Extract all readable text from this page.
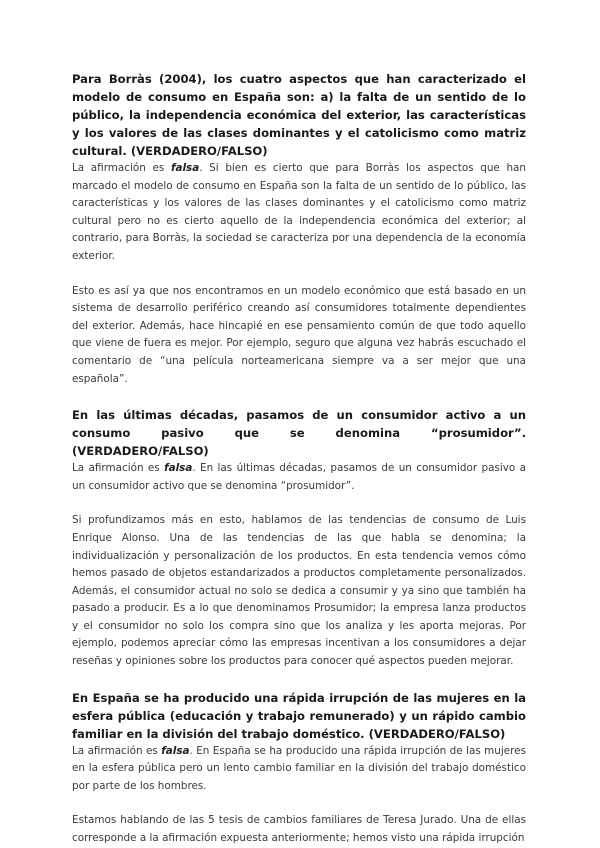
Para Borràs (2004), los cuatro aspectos que han caracterizado el modelo de consumo en España son: a) la falta de un sentido de lo público, la independencia económica del exterior, las características y los valores de las clases dominantes y el catolicismo como matriz cultural. (VERDADERO/FALSO)

La afirmación es falsa. Si bien es cierto que para Borràs los aspectos que han marcado el modelo de consumo en España son la falta de un sentido de lo público, las características y los valores de las clases dominantes y el catolicismo como matriz cultural pero no es cierto aquello de la independencia económica del exterior; al contrario, para Borràs, la sociedad se caracteriza por una dependencia de la economía exterior.

Esto es así ya que nos encontramos en un modelo económico que está basado en un sistema de desarrollo periférico creando así consumidores totalmente dependientes del exterior. Además, hace hincapié en ese pensamiento común de que todo aquello que viene de fuera es mejor. Por ejemplo, seguro que alguna vez habrás escuchado el comentario de “una película norteamericana siempre va a ser mejor que una española”.

En las últimas décadas, pasamos de un consumidor activo a un consumo pasivo que se denomina “prosumidor”. (VERDADERO/FALSO)

La afirmación es falsa. En las últimas décadas, pasamos de un consumidor pasivo a un consumidor activo que se denomina “prosumidor”.

Si profundizamos más en esto, hablamos de las tendencias de consumo de Luis Enrique Alonso. Una de las tendencias de las que habla se denomina; la individualización y personalización de los productos. En esta tendencia vemos cómo hemos pasado de objetos estandarizados a productos completamente personalizados. Además, el consumidor actual no solo se dedica a consumir y ya sino que también ha pasado a producir. Es a lo que denominamos Prosumidor; la empresa lanza productos y el consumidor no solo los compra sino que los analiza y les aporta mejoras. Por ejemplo, podemos apreciar cómo las empresas incentivan a los consumidores a dejar reseñas y opiniones sobre los productos para conocer qué aspectos pueden mejorar.

En España se ha producido una rápida irrupción de las mujeres en la esfera pública (educación y trabajo remunerado) y un rápido cambio familiar en la división del trabajo doméstico. (VERDADERO/FALSO)

La afirmación es falsa. En España se ha producido una rápida irrupción de las mujeres en la esfera pública pero un lento cambio familiar en la división del trabajo doméstico por parte de los hombres.

Estamos hablando de las 5 tesis de cambios familiares de Teresa Jurado. Una de ellas corresponde a la afirmación expuesta anteriormente; hemos visto una rápida irrupción
